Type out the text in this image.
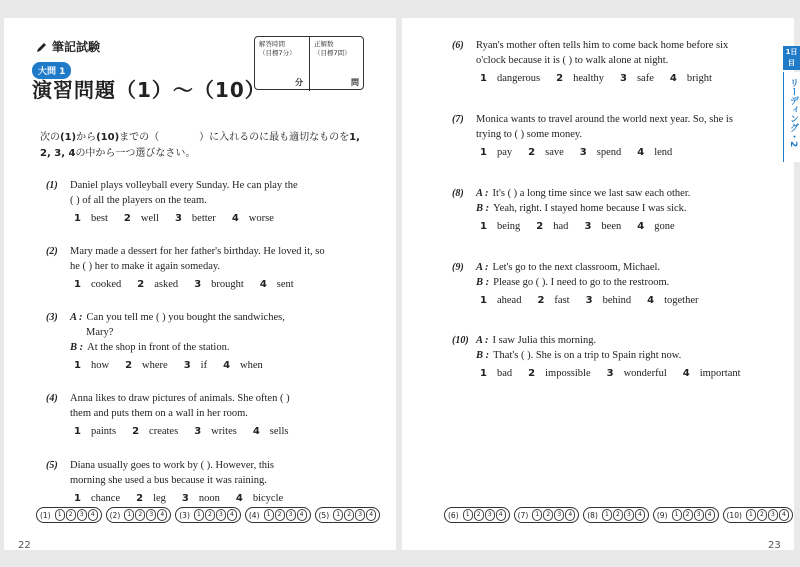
筆記試験
大問 1
演習問題（1）〜（10）
解答時間
（目標7分）
分
正解数
（目標7問）
問
次の(1)から(10)までの（　　　　）に入れるのに最も適切なものを1, 2, 3, 4の中から一つ選びなさい。
(1) Daniel plays volleyball every Sunday. He can play the
( ) of all the players on the team.
1 best 2 well 3 better 4 worse
(2) Mary made a dessert for her father's birthday. He loved it, so
he ( ) her to make it again someday.
1 cooked 2 asked 3 brought 4 sent
(3) A : Can you tell me ( ) you bought the sandwiches,
Mary?
B : At the shop in front of the station.
1 how 2 where 3 if 4 when
(4) Anna likes to draw pictures of animals. She often ( )
them and puts them on a wall in her room.
1 paints 2 creates 3 writes 4 sells
(5) Diana usually goes to work by ( ). However, this
morning she used a bus because it was raining.
1 chance 2 leg 3 noon 4 bicycle
(1)	1	2	3	4	(2)	1	2	3	4	(3)	1	2	3	4	(4)	1	2	3	4	(5)	1	2	3	4
(6) Ryan's mother often tells him to come back home before six
o'clock because it is ( ) to walk alone at night.
1 dangerous 2 healthy 3 safe 4 bright
(7) Monica wants to travel around the world next year. So, she is
trying to ( ) some money.
1 pay 2 save 3 spend 4 lend
(8) A : It's ( ) a long time since we last saw each other.
B : Yeah, right. I stayed home because I was sick.
1 being 2 had 3 been 4 gone
(9) A : Let's go to the next classroom, Michael.
B : Please go ( ). I need to go to the restroom.
1 ahead 2 fast 3 behind 4 together
(10) A : I saw Julia this morning.
B : That's ( ). She is on a trip to Spain right now.
1 bad 2 impossible 3 wonderful 4 important
(6)	1	2	3	4	(7)	1	2	3	4	(8)	1	2	3	4	(9)	1	2	3	4	(10)	1	2	3	4
22	23
1日目
リーディング・2
